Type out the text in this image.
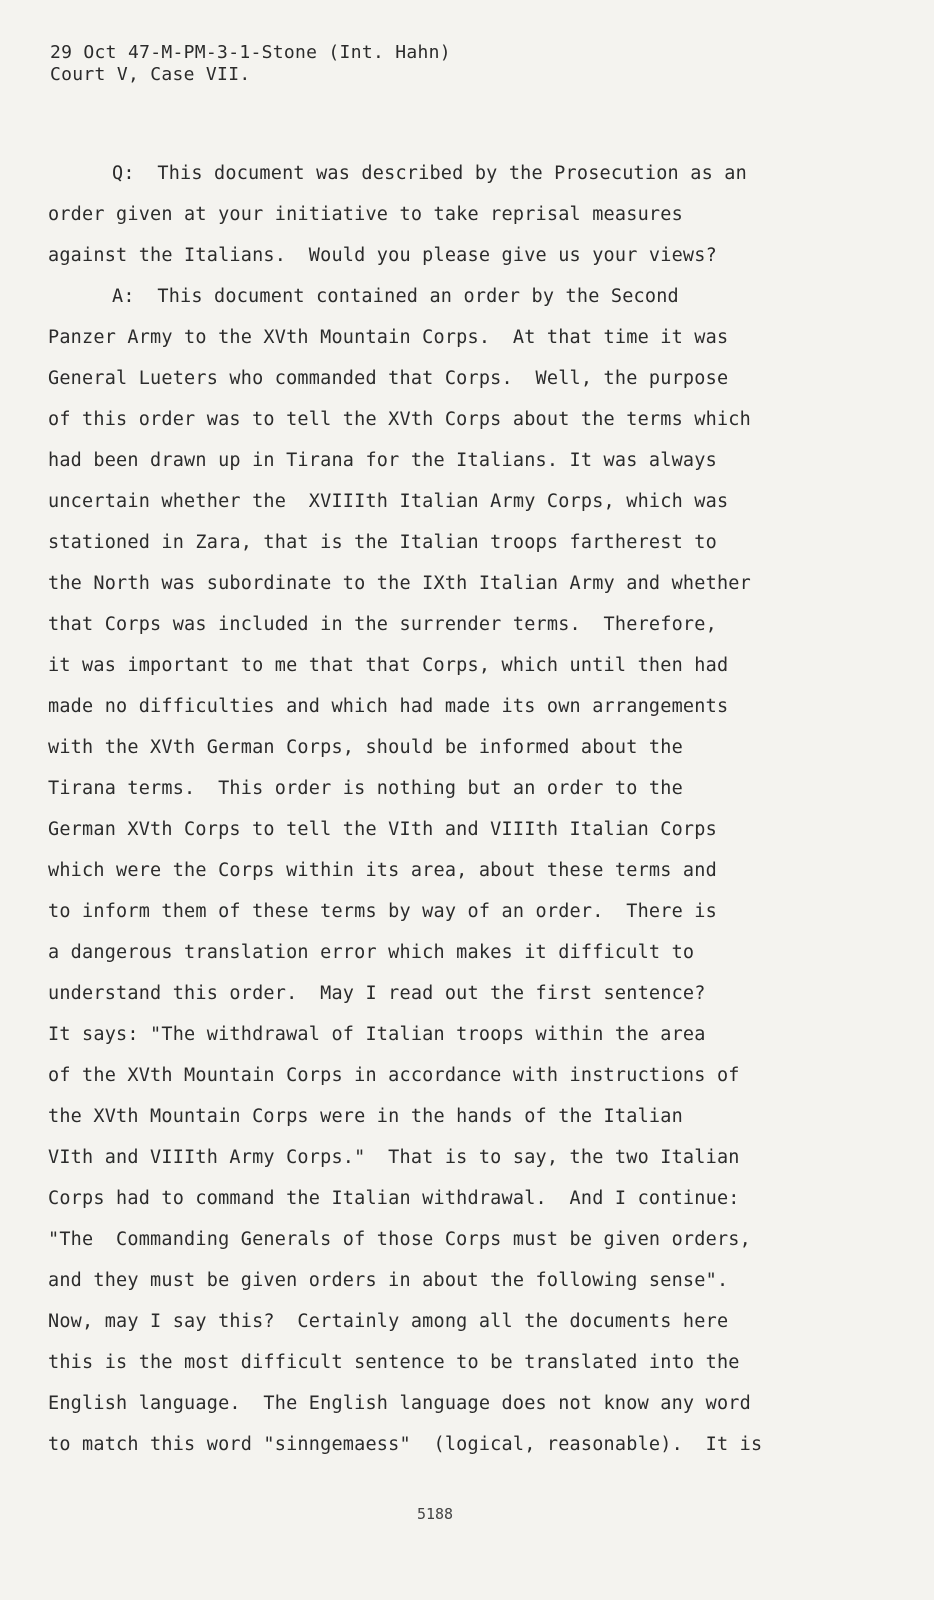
29 Oct 47-M-PM-3-1-Stone (Int. Hahn)
Court V, Case VII.
Q:  This document was described by the Prosecution as an
order given at your initiative to take reprisal measures
against the Italians.  Would you please give us your views?
A:  This document contained an order by the Second
Panzer Army to the XVth Mountain Corps.  At that time it was
General Lueters who commanded that Corps.  Well, the purpose
of this order was to tell the XVth Corps about the terms which
had been drawn up in Tirana for the Italians. It was always
uncertain whether the  XVIIIth Italian Army Corps, which was
stationed in Zara, that is the Italian troops fartherest to
the North was subordinate to the IXth Italian Army and whether
that Corps was included in the surrender terms.  Therefore,
it was important to me that that Corps, which until then had
made no difficulties and which had made its own arrangements
with the XVth German Corps, should be informed about the
Tirana terms.  This order is nothing but an order to the
German XVth Corps to tell the VIth and VIIIth Italian Corps
which were the Corps within its area, about these terms and
to inform them of these terms by way of an order.  There is
a dangerous translation error which makes it difficult to
understand this order.  May I read out the first sentence?
It says: "The withdrawal of Italian troops within the area
of the XVth Mountain Corps in accordance with instructions of
the XVth Mountain Corps were in the hands of the Italian
VIth and VIIIth Army Corps."  That is to say, the two Italian
Corps had to command the Italian withdrawal.  And I continue:
"The  Commanding Generals of those Corps must be given orders,
and they must be given orders in about the following sense".
Now, may I say this?  Certainly among all the documents here
this is the most difficult sentence to be translated into the
English language.  The English language does not know any word
to match this word "sinngemaess"  (logical, reasonable).  It is
5188
